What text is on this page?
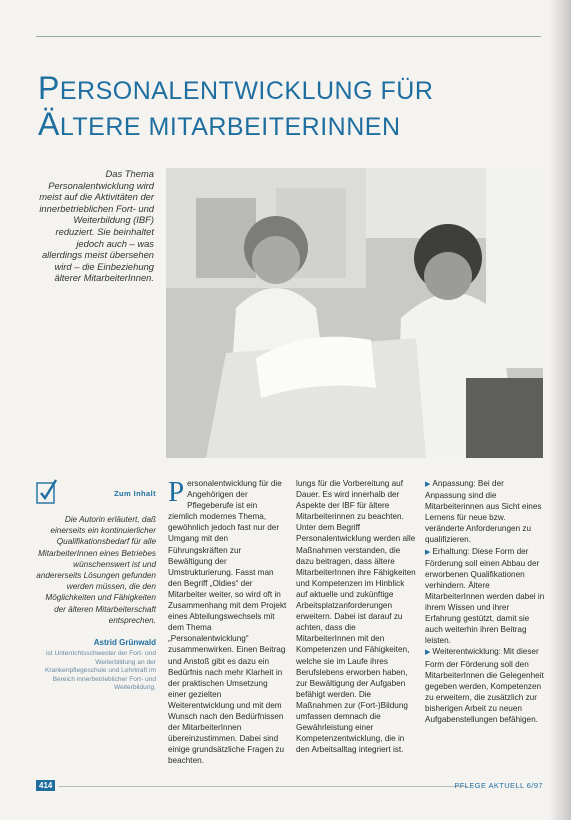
PERSONALENTWICKLUNG FÜR
ÄLTERE MITARBEITERINNEN

Das Thema Personalentwicklung wird meist auf die Aktivitäten der innerbetrieblichen Fort- und Weiterbildung (IBF) reduziert. Sie beinhaltet jedoch auch – was allerdings meist übersehen wird – die Einbeziehung älterer MitarbeiterInnen.

Zum Inhalt

Die Autorin erläutert, daß einerseits ein kontinuierlicher Qualifikationsbedarf für alle MitarbeiterInnen eines Betriebes wünschenswert ist und andererseits Lösungen gefunden werden müssen, die den Möglichkeiten und Fähigkeiten der älteren Mitarbeiterschaft entsprechen.

Astrid Grünwald

ist Unterrichtsschwester der Fort- und Weiterbildung an der Krankenpflegeschule und Lehrkraft im Bereich innerbetrieblicher Fort- und Weiterbildung.

P ersonalentwicklung für die Angehörigen der Pflegeberufe ist ein ziemlich modernes Thema, gewöhnlich jedoch fast nur der Umgang mit den Führungskräften zur Bewältigung der Umstrukturierung. Fasst man den Begriff „Oldies“ der Mitarbeiter weiter, so wird oft in Zusammenhang mit dem Projekt eines Abteilungswechsels mit dem Thema „Personalentwicklung“ zusammenwirken. Einen Beitrag und Anstoß gibt es dazu ein Bedürfnis nach mehr Klarheit in der praktischen Umsetzung einer gezielten Weiterentwicklung und mit dem Wunsch nach den Bedürfnissen der MitarbeiterInnen übereinzustimmen. Dabei sind einige grundsätzliche Fragen zu beachten.

lungs für die Vorbereitung auf Dauer. Es wird innerhalb der Aspekte der IBF für ältere Mitarbeiterinnen zu beachten. Unter dem Begriff Personalentwicklung werden alle Maßnahmen verstanden, die dazu beitragen, dass ältere MitarbeiterInnen ihre Fähigkeiten und Kompetenzen im Hinblick auf aktuelle und zukünftige Arbeitsplatzanforderungen erweitern. Dabei ist darauf zu achten, dass die MitarbeiterInnen mit den Kompetenzen und Fähigkeiten, welche sie im Laufe ihres Berufslebens erworben haben, zur Bewältigung der Aufgaben befähigt werden. Die Maßnahmen zur (Fort-)Bildung umfassen demnach die Gewährleistung einer Kompetenzentwicklung, die in den Arbeitsalltag integriert ist.

▶ Anpassung: Bei der Anpassung sind die Mitarbeiterinnen aus Sicht eines Lernens für neue bzw. veränderte Anforderungen zu qualifizieren.

▶ Erhaltung: Diese Form der Förderung soll einen Abbau der erworbenen Qualifikationen verhindern. Ältere MitarbeiterInnen werden dabei in ihrem Wissen und ihrer Erfahrung gestützt, damit sie auch weiterhin ihren Beitrag leisten.

▶ Weiterentwicklung: Mit dieser Form der Förderung soll den MitarbeiterInnen die Gelegenheit gegeben werden, Kompetenzen zu erweitern, die zusätzlich zur bisherigen Arbeit zu neuen Aufgabenstellungen befähigen.

414	PFLEGE AKTUELL 6/97
